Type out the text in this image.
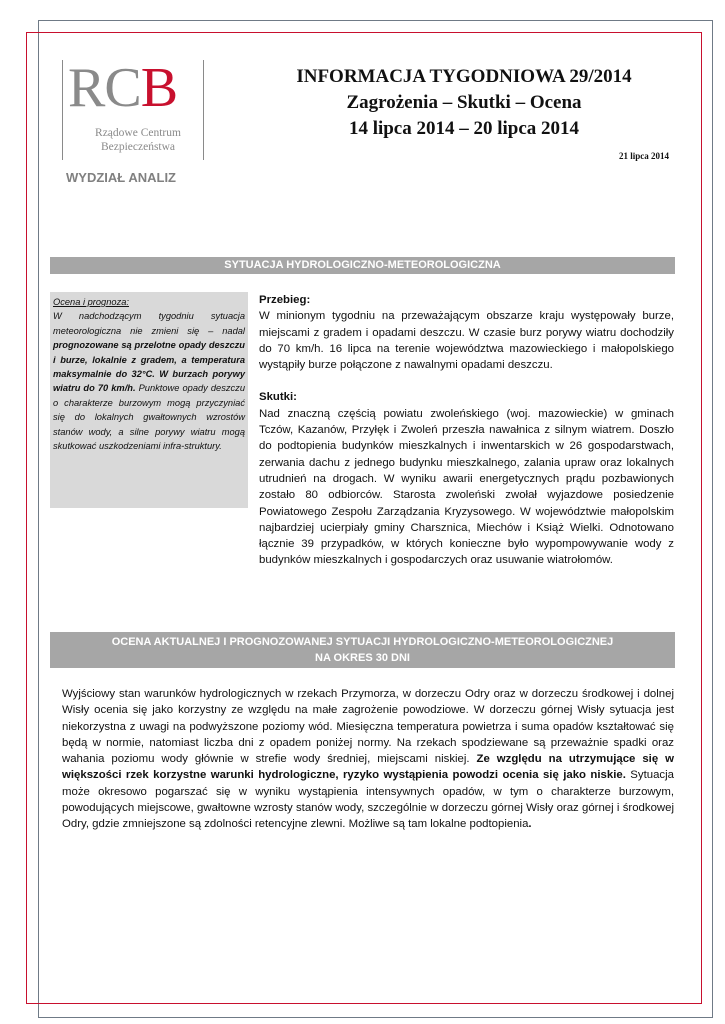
RCB
Rządowe Centrum
Bezpieczeństwa
WYDZIAŁ ANALIZ
INFORMACJA TYGODNIOWA 29/2014
Zagrożenia – Skutki – Ocena
14 lipca 2014 – 20 lipca 2014
21 lipca 2014
SYTUACJA HYDROLOGICZNO-METEOROLOGICZNA
Ocena i prognoza:
W nadchodzącym tygodniu sytuacja meteorologiczna nie zmieni się – nadal prognozowane są przelotne opady deszczu i burze, lokalnie z gradem, a temperatura maksymalnie do 32°C. W burzach porywy wiatru do 70 km/h. Punktowe opady deszczu o charakterze burzowym mogą przyczyniać się do lokalnych gwałtownych wzrostów stanów wody, a silne porywy wiatru mogą skutkować uszkodzeniami infra-struktury.

Przebieg:

W minionym tygodniu na przeważającym obszarze kraju występowały burze, miejscami z gradem i opadami deszczu. W czasie burz porywy wiatru dochodziły do 70 km/h. 16 lipca na terenie województwa mazowieckiego i małopolskiego wystąpiły burze połączone z nawalnymi opadami deszczu.

Skutki:

Nad znaczną częścią powiatu zwoleńskiego (woj. mazowieckie) w gminach Tczów, Kazanów, Przyłęk i Zwoleń przeszła nawałnica z silnym wiatrem. Doszło do podtopienia budynków mieszkalnych i inwentarskich w 26 gospodarstwach, zerwania dachu z jednego budynku mieszkalnego, zalania upraw oraz lokalnych utrudnień na drogach. W wyniku awarii energetycznych prądu pozbawionych zostało 80 odbiorców. Starosta zwoleński zwołał wyjazdowe posiedzenie Powiatowego Zespołu Zarządzania Kryzysowego. W województwie małopolskim najbardziej ucierpiały gminy Charsznica, Miechów i Książ Wielki. Odnotowano łącznie 39 przypadków, w których konieczne było wypompowywanie wody z budynków mieszkalnych i gospodarczych oraz usuwanie wiatrołomów.

OCENA AKTUALNEJ I PROGNOZOWANEJ SYTUACJI HYDROLOGICZNO-METEOROLOGICZNEJ
NA OKRES 30 DNI
Wyjściowy stan warunków hydrologicznych w rzekach Przymorza, w dorzeczu Odry oraz w dorzeczu środkowej i dolnej Wisły ocenia się jako korzystny ze względu na małe zagrożenie powodziowe. W dorzeczu górnej Wisły sytuacja jest niekorzystna z uwagi na podwyższone poziomy wód. Miesięczna temperatura powietrza i suma opadów kształtować się będą w normie, natomiast liczba dni z opadem poniżej normy. Na rzekach spodziewane są przeważnie spadki oraz wahania poziomu wody głównie w strefie wody średniej, miejscami niskiej. Ze względu na utrzymujące się w większości rzek korzystne warunki hydrologiczne, ryzyko wystąpienia powodzi ocenia się jako niskie. Sytuacja może okresowo pogarszać się w wyniku wystąpienia intensywnych opadów, w tym o charakterze burzowym, powodujących miejscowe, gwałtowne wzrosty stanów wody, szczególnie w dorzeczu górnej Wisły oraz górnej i środkowej Odry, gdzie zmniejszone są zdolności retencyjne zlewni. Możliwe są tam lokalne podtopienia.
